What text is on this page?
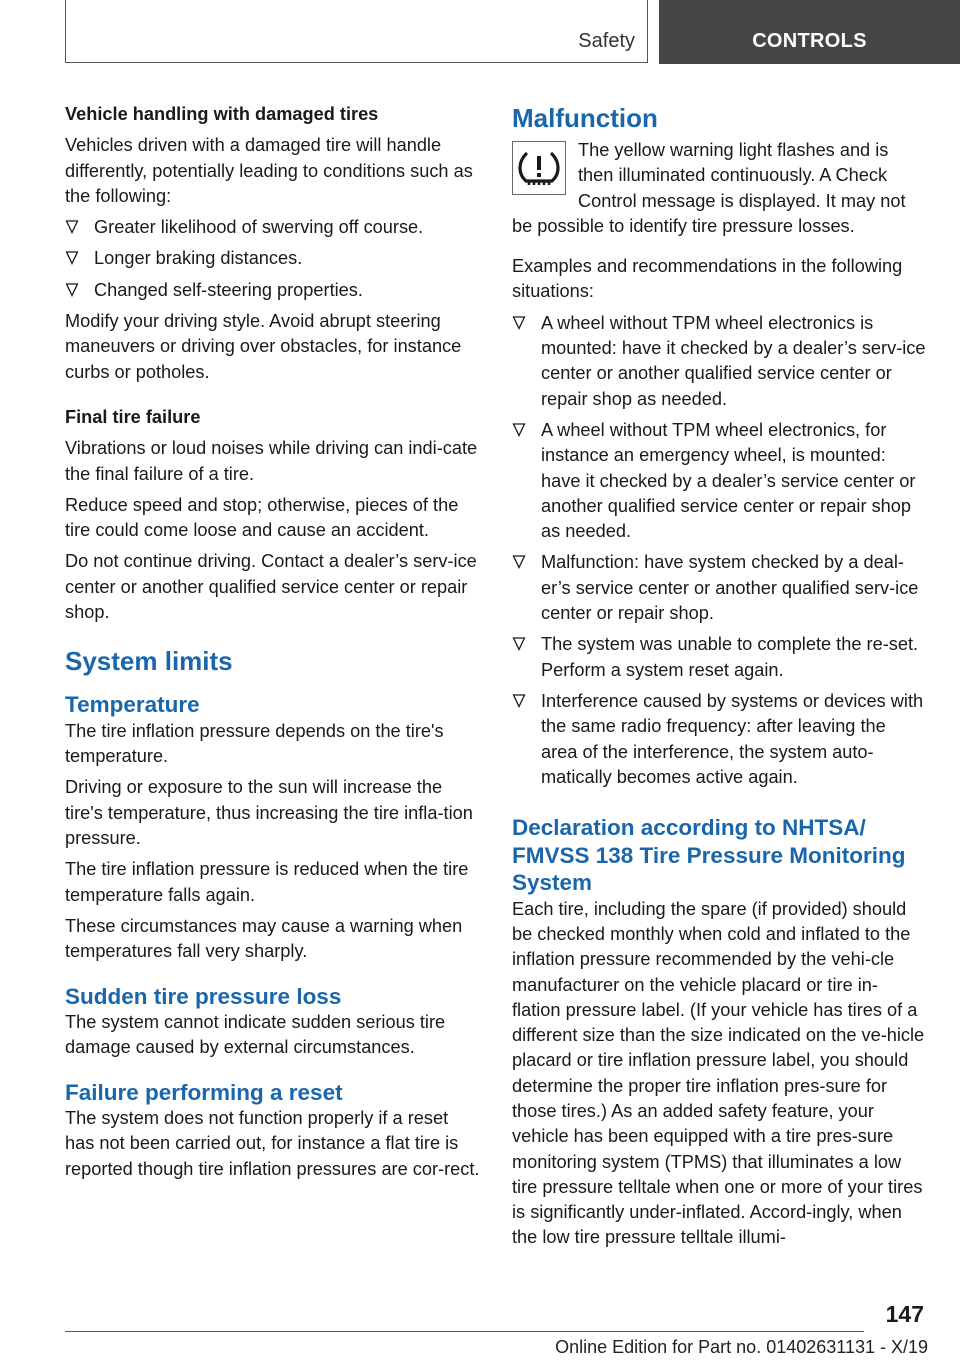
Safety	CONTROLS

Vehicle handling with damaged tires

Vehicles driven with a damaged tire will handle differently, potentially leading to conditions such as the following:

Greater likelihood of swerving off course.
Longer braking distances.
Changed self-steering properties.

Modify your driving style. Avoid abrupt steering maneuvers or driving over obstacles, for instance curbs or potholes.

Final tire failure

Vibrations or loud noises while driving can indi-cate the final failure of a tire.

Reduce speed and stop; otherwise, pieces of the tire could come loose and cause an accident.

Do not continue driving. Contact a dealer’s serv-ice center or another qualified service center or repair shop.

System limits

Temperature

The tire inflation pressure depends on the tire's temperature.

Driving or exposure to the sun will increase the tire's temperature, thus increasing the tire infla-tion pressure.

The tire inflation pressure is reduced when the tire temperature falls again.

These circumstances may cause a warning when temperatures fall very sharply.

Sudden tire pressure loss

The system cannot indicate sudden serious tire damage caused by external circumstances.

Failure performing a reset

The system does not function properly if a reset has not been carried out, for instance a flat tire is reported though tire inflation pressures are cor-rect.

Malfunction

The yellow warning light flashes and is then illuminated continuously. A Check Control message is displayed. It may not be possible to identify tire pressure losses.

Examples and recommendations in the following situations:

A wheel without TPM wheel electronics is mounted: have it checked by a dealer’s serv-ice center or another qualified service center or repair shop as needed.
A wheel without TPM wheel electronics, for instance an emergency wheel, is mounted: have it checked by a dealer’s service center or another qualified service center or repair shop as needed.
Malfunction: have system checked by a deal-er’s service center or another qualified serv-ice center or repair shop.
The system was unable to complete the re-set. Perform a system reset again.
Interference caused by systems or devices with the same radio frequency: after leaving the area of the interference, the system auto-matically becomes active again.

Declaration according to NHTSA/ FMVSS 138 Tire Pressure Monitoring System

Each tire, including the spare (if provided) should be checked monthly when cold and inflated to the inflation pressure recommended by the vehi-cle manufacturer on the vehicle placard or tire in-flation pressure label. (If your vehicle has tires of a different size than the size indicated on the ve-hicle placard or tire inflation pressure label, you should determine the proper tire inflation pres-sure for those tires.) As an added safety feature, your vehicle has been equipped with a tire pres-sure monitoring system (TPMS) that illuminates a low tire pressure telltale when one or more of your tires is significantly under-inflated. Accord-ingly, when the low tire pressure telltale illumi-

147
Online Edition for Part no. 01402631131 - X/19
